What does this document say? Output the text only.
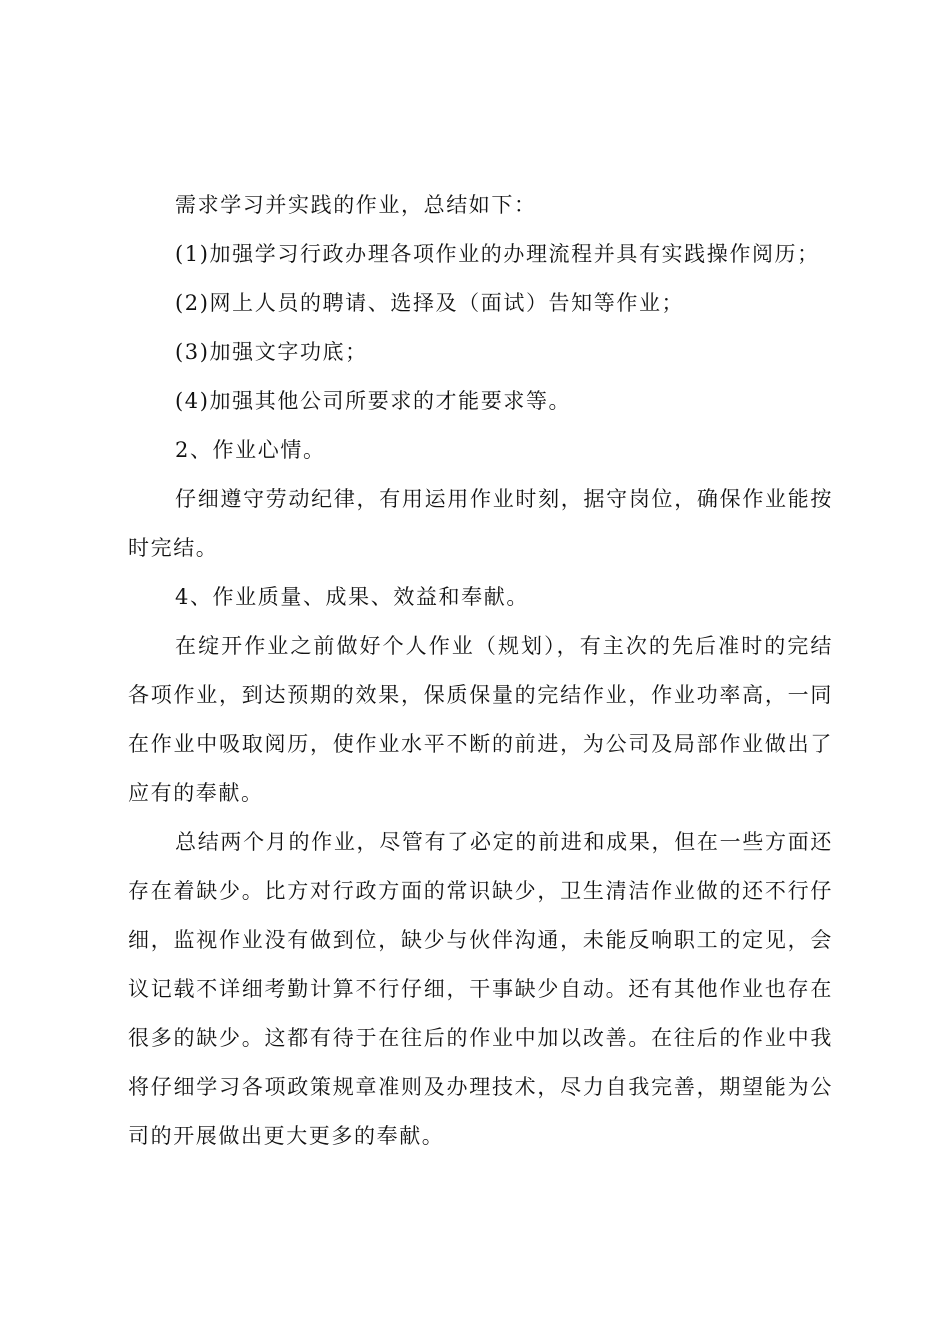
需求学习并实践的作业，总结如下：

(1)加强学习行政办理各项作业的办理流程并具有实践操作阅历；

(2)网上人员的聘请、选择及（面试）告知等作业；

(3)加强文字功底；

(4)加强其他公司所要求的才能要求等。

2、作业心情。

仔细遵守劳动纪律，有用运用作业时刻，据守岗位，确保作业能按时完结。

4、作业质量、成果、效益和奉献。

在绽开作业之前做好个人作业（规划），有主次的先后准时的完结各项作业，到达预期的效果，保质保量的完结作业，作业功率高，一同在作业中吸取阅历，使作业水平不断的前进，为公司及局部作业做出了应有的奉献。

总结两个月的作业，尽管有了必定的前进和成果，但在一些方面还存在着缺少。比方对行政方面的常识缺少，卫生清洁作业做的还不行仔细，监视作业没有做到位，缺少与伙伴沟通，未能反响职工的定见，会议记载不详细考勤计算不行仔细，干事缺少自动。还有其他作业也存在很多的缺少。这都有待于在往后的作业中加以改善。在往后的作业中我将仔细学习各项政策规章准则及办理技术，尽力自我完善，期望能为公司的开展做出更大更多的奉献。
